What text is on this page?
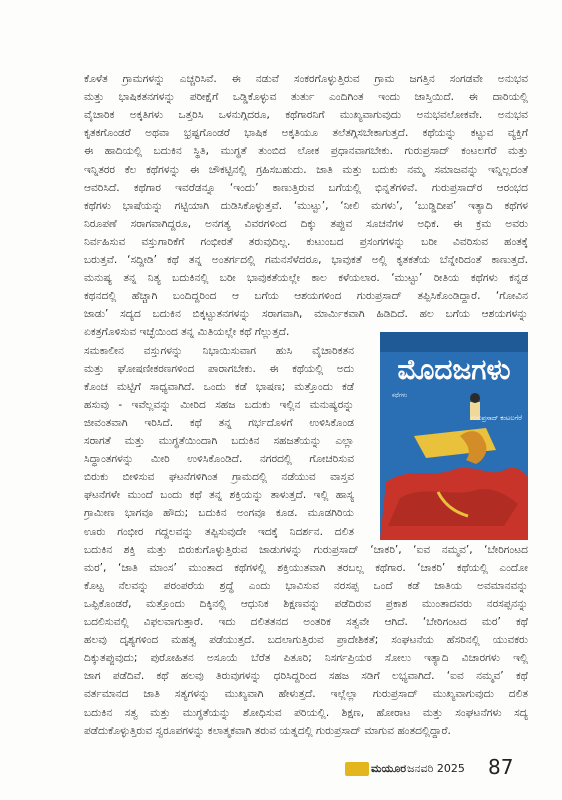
ಕೊಳೆತ ಗ್ರಾಮಗಳನ್ನು ಎಚ್ಚರಿಸಿವೆ. ಈ ನಡುವೆ ಸಂಕರಗೊಳ್ಳುತ್ತಿರುವ ಗ್ರಾಮ ಜಗತ್ತಿನ ಸಂಗಡವೇ ಅನುಭವ
ಮತ್ತು ಭಾಷಿಕತನಗಳನ್ನು ಪರೀಕ್ಷೆಗೆ ಒಡ್ಡಿಕೊಳ್ಳುವ ತುರ್ತು ಎಂದಿಗಿಂತ ಇಂದು ಜಾಸ್ತಿಯಿದೆ. ಈ ದಾರಿಯಲ್ಲಿ
ವೈಚಾರಿಕ ಅಕ್ಕತಿಗಳು ಒತ್ತರಿಸಿ ಒಳನುಗ್ಗಿದರೂ, ಕಥೆಗಾರನಿಗೆ ಮುಖ್ಯವಾಗುವುದು ಅನುಭವಲೋಕವೇ. ಅನುಭವ
ಕೃತಕಗೊಂಡರೆ ಅಥವಾ ಭ್ರಷ್ಟಗೊಂಡರೆ ಭಾಷಿಕ ಅಕ್ಕತಿಯೂ ತಲೆತಗ್ಗಿಸಬೇಕಾಗುತ್ತದೆ. ಕಥೆಯನ್ನು ಕಟ್ಟುವ ವ್ಯಕ್ತಿಗೆ
ಈ ಹಾದಿಯಲ್ಲಿ ಬದುಕಿನ ಸ್ಥಿತಿ, ಮುಗ್ಧತೆ ತುಂಬಿದ ಲೋಕ ಪ್ರಧಾನವಾಗಬೇಕು. ಗುರುಪ್ರಸಾದ್ ಕಂಟಲಗೆರೆ ಮತ್ತು
ಇನ್ನಿತರರ ಕೆಲ ಕಥೆಗಳನ್ನು ಈ ಚೌಕಟ್ಟಿನಲ್ಲಿ ಗ್ರಹಿಸಬಹುದು. ಜಾತಿ ಮತ್ತು ಬದುಕು ನಮ್ಮ ಸಮಾಜವನ್ನು ಇನ್ನಿಲ್ಲದಂತೆ
ಆವರಿಸಿದೆ. ಕಥೆಗಾರ ಇವರೆಡನ್ನೂ ‘ಇಂದು’ ಕಾಣುತ್ತಿರುವ ಬಗೆಯಲ್ಲಿ ಭಿನ್ನತೆಗಳಿವೆ. ಗುರುಪ್ರಸಾದ್‌ರ ಆರಂಭದ
ಕಥೆಗಳು ಭಾಷೆಯನ್ನು ಗಟ್ಟಿಯಾಗಿ ದುಡಿಸಿಕೊಳ್ಳುತ್ತವೆ. ‘ಮುಟ್ಟು’, ‘ನೀಲಿ ಮಗಳು’, ‘ಬುಡ್ಡಿದೀಪ’ ಇತ್ಯಾದಿ ಕಥೆಗಳ
ನಿರೂಪಣೆ ಸರಾಗವಾಗಿದ್ದರೂ, ಅನಗತ್ಯ ವಿವರಗಳಿಂದ ದಿಕ್ಕು ತಪ್ಪುವ ಸೂಚನೆಗಳ ಅಧಿಕ. ಈ ಕ್ರಮ ಅವರು
ನಿರ್ವಹಿಸುವ ವಸ್ತುಗಾರಿಕೆಗೆ ಗಂಭೀರತೆ ತರುವುದಿಲ್ಲ. ಕುಟುಂಬದ ಪ್ರಸಂಗಗಳನ್ನು ಬರೀ ವಿವರಿಸುವ ಹಂತಕ್ಕೆ
ಬರುತ್ತವೆ. ‘ಸದ್ದೀಡಿ’ ಕಥೆ ತನ್ನ ಅಂತರ್ಗದಲ್ಲಿ ಗಮನಸೆಳೆದರೂ, ಭಾವುಕತೆ ಅಲ್ಲಿ ಕೃತಕತೆಯ ಬೆನ್ನೇರಿದಂತೆ ಕಾಣುತ್ತದೆ.
ಮನುಷ್ಯ ತನ್ನ ನಿತ್ಯ ಬದುಕಿನಲ್ಲಿ ಬರೀ ಭಾವುಕತೆಯಲ್ಲೇ ಕಾಲ ಕಳೆಯಲಾರ. ‘ಮುಟ್ಟು’ ರೀತಿಯ ಕಥೆಗಳು ಕನ್ನಡ
ಕಥನದಲ್ಲಿ ಹೆಚ್ಚಾಗಿ ಬಂದಿದ್ದರಿಂದ ಆ ಬಗೆಯ ಆಶಯಗಳಿಂದ ಗುರುಪ್ರಸಾದ್ ತಪ್ಪಿಸಿಕೊಂಡಿದ್ದಾರೆ. ‘ಗೋವಿನ
ಜಾಡು’ ಸದ್ಯದ ಬದುಕಿನ ಬಿಕ್ಕಟ್ಟುತನಗಳನ್ನು ಸರಾಗವಾಗಿ, ಮಾರ್ಮಿಕವಾಗಿ ಹಿಡಿದಿದೆ. ಹಲ ಬಗೆಯ ಆಶಯಗಳನ್ನು
ಏಕತ್ರಗೊಳಿಸುವ ಇಚ್ಛೆಯಿಂದ ತನ್ನ ಮಿತಿಯಲ್ಲೇ ಕಥೆ ಗೆಲ್ಲುತ್ತದೆ.
ಸಮಕಾಲೀನ ವಸ್ತುಗಳನ್ನು ನಿಭಾಯಿಸುವಾಗ ಹುಸಿ ವೈಚಾರಿಕತನ
ಮತ್ತು ಘೋಷಣೀಕರಣಗಳಿಂದ ಪಾರಾಗಬೇಕು. ಈ ಕಥೆಯಲ್ಲಿ ಅದು
ಕೊಂಚ ಮಟ್ಟಿಗೆ ಸಾಧ್ಯವಾಗಿದೆ. ಒಂದು ಕಡೆ ಭಾಷಣ; ಮತ್ತೊಂದು ಕಡೆ
ಹಸುವು - ಇವೆಲ್ಲವನ್ನು ಮೀರಿದ ಸಹಜ ಬದುಕು ಇಲ್ಲಿನ ಮನುಷ್ಯರನ್ನು
ಜೀವಂತವಾಗಿ ಇರಿಸಿದೆ. ಕಥೆ ತನ್ನ ಗರ್ಭದೊಳಗೆ ಉಳಿಸಿಕೊಂಡ
ಸರಾಗತೆ ಮತ್ತು ಮುಗ್ಧತೆಯಿಂದಾಗಿ ಬದುಕಿನ ಸಹಜತೆಯನ್ನು ಎಲ್ಲಾ
ಸಿದ್ಧಾಂತಗಳನ್ನು ಮೀರಿ ಉಳಿಸಿಕೊಂಡಿದೆ. ನಗರದಲ್ಲಿ ಗೋಚರಿಸುವ
ಬಿರುಕು ಬೀಳಿಸುವ ಘಟನೆಗಳಿಗಿಂತ ಗ್ರಾಮದಲ್ಲಿ ನಡೆಯುವ ವಾಸ್ತವ
ಘಟನೆಗಳೇ ಮುಂದೆ ಬಂದು ಕಥೆ ತನ್ನ ಶಕ್ತಿಯನ್ನು ತಾಳುತ್ತದೆ. ಇಲ್ಲಿ ಹಾಸ್ಯ
ಗ್ರಾಮೀಣ ಭಾಗವೂ ಹೌದು; ಬದುಕಿನ ಅಂಗವೂ ಕೂಡ. ಮೂಡಗಿರಿಯ
ಊರು ಗಂಭೀರ ಗದ್ದಲವನ್ನು ತಪ್ಪಿಸುವುದೇ ಇದಕ್ಕೆ ನಿದರ್ಶನ. ದಲಿತ
ಬದುಕಿನ ಶಕ್ತಿ ಮತ್ತು ಬಿರುಕುಗೊಳ್ಳುತ್ತಿರುವ ಜಾಡುಗಳನ್ನು ಗುರುಪ್ರಸಾದ್ ‘ಚಾಕರಿ’, ‘ಐವ ನಮ್ಮವ’, ‘ಬೇರಿಗಂಟದ
ಮರ’, ‘ಜಾತಿ ಮಾಂಸ’ ಮುಂತಾದ ಕಥೆಗಳಲ್ಲಿ ಶಕ್ತಿಯುತವಾಗಿ ತರಬಲ್ಲ ಕಥೆಗಾರ. ‘ಚಾಕರಿ’ ಕಥೆಯಲ್ಲಿ ಎಂದೋ
ಕೊಟ್ಟ ನೆಲವನ್ನು ಪರಂಪರೆಯ ಶ್ರದ್ಧೆ ಎಂದು ಭಾವಿಸುವ ನರಸಪ್ಪ ಒಂದೆ ಕಡೆ ಜಾತಿಯ ಅವಮಾನವನ್ನು
ಒಪ್ಪಿಕೊಂಡರೆ, ಮತ್ತೊಂದು ದಿಕ್ಕಿನಲ್ಲಿ ಆಧುನಿಕ ಶಿಕ್ಷಣವನ್ನು ಪಡೆದಿರುವ ಪ್ರಕಾಶ ಮುಂತಾದವರು ನರಸಪ್ಪನನ್ನು
ಬದಲಿಸುವಲ್ಲಿ ವಿಫಲವಾಗುತ್ತಾರೆ. ಇದು ದಲಿತತನದ ಅಂತರಿಕ ಸತ್ವವೇ ಆಗಿದೆ. ‘ಬೇರಿಗಂಟದ ಮರ’ ಕಥೆ
ಹಲವು ದೃಶ್ಯಗಳಿಂದ ಮಹತ್ವ ಪಡೆಯುತ್ತದೆ. ಬದಲಾಗುತ್ತಿರುವ ಪ್ರಾದೇಶಿಕತೆ; ಸಂಘಟನೆಯ ಹೆಸರಿನಲ್ಲಿ ಯುವಕರು
ದಿಕ್ಕುತಪ್ಪುವುದು; ಪುರೋಹಿತನ ಅಸೂಯೆ ಬೆರೆತ ಪಿತೂರಿ; ನಿಸರ್ಗಪ್ರಿಯರ ಸೋಲು ಇತ್ಯಾದಿ ವಿಚಾರಗಳು ಇಲ್ಲಿ
ಜಾಗ ಪಡೆದಿವೆ. ಕಥೆ ಹಲವು ತಿರುವುಗಳನ್ನು ಧರಿಸಿದ್ದರಿಂದ ಸಹಜ ಸಡಿಗೆ ಲಭ್ಯವಾಗಿದೆ. ‘ಐವ ನಮ್ಮವ’ ಕಥೆ
ವರ್ತಮಾನದ ಜಾತಿ ಸತ್ಯಗಳನ್ನು ಮುಖ್ಯವಾಗಿ ಹೇಳುತ್ತದೆ. ಇಲ್ಲೆಲ್ಲಾ ಗುರುಪ್ರಸಾದ್ ಮುಖ್ಯವಾಗುವುದು ದಲಿತ
ಬದುಕಿನ ಸತ್ವ ಮತ್ತು ಮುಗ್ಧತೆಯನ್ನು ಶೋಧಿಸುವ ಪರಿಯಲ್ಲಿ. ಶಿಕ್ಷಣ, ಹೋರಾಟ ಮತ್ತು ಸಂಘಟನೆಗಳು ಸದ್ಯ
ಪಡೆದುಕೊಳ್ಳುತ್ತಿರುವ ಸ್ವರೂಪಗಳನ್ನು ಕಲಾತ್ಮಕವಾಗಿ ತರುವ ಯತ್ನದಲ್ಲಿ ಗುರುಪ್ರಸಾದ್ ಮಾಗುವ ಹಂತದಲ್ಲಿದ್ದಾರೆ.
ಮೊದಜಗಳು
ಕಥೆಗಳು
ಗುರುಪ್ರಸಾದ್ ಕಂಟಲಗೆರೆ
ಮಯೂರ ಜನವರಿ 2025 87
